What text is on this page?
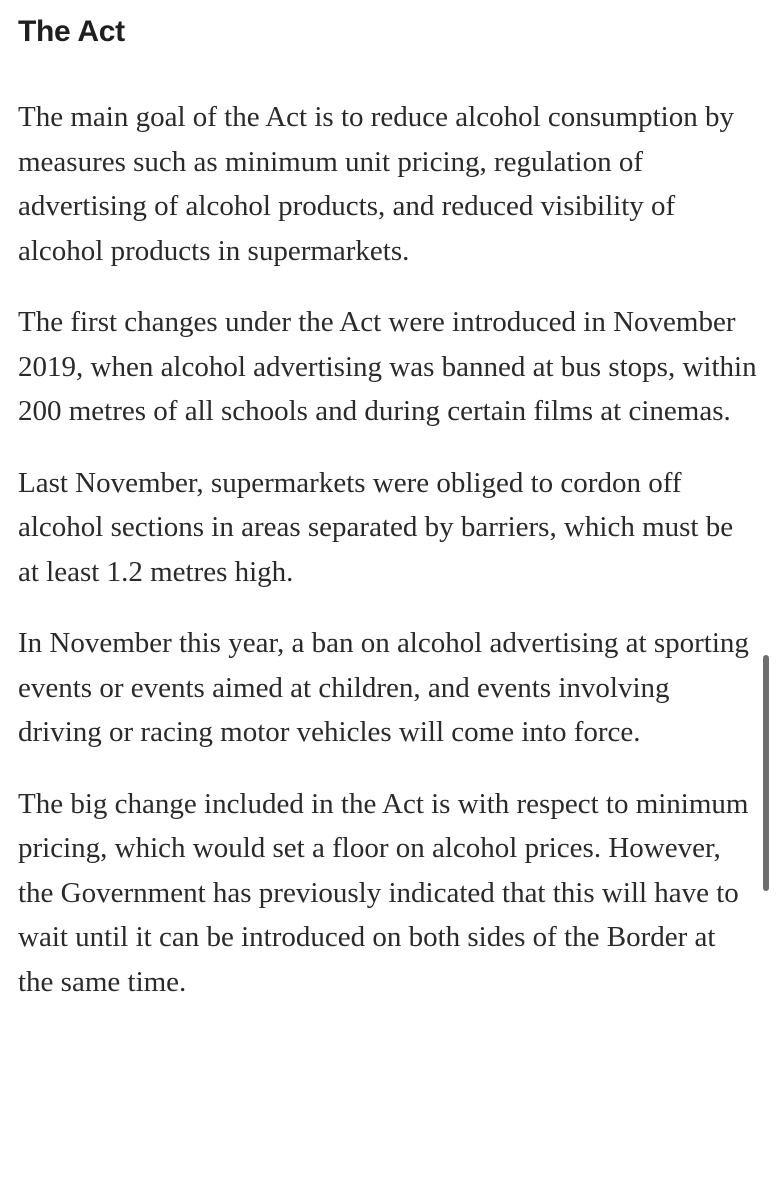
The Act

The main goal of the Act is to reduce alcohol consumption by measures such as minimum unit pricing, regulation of advertising of alcohol products, and reduced visibility of alcohol products in supermarkets.

The first changes under the Act were introduced in November 2019, when alcohol advertising was banned at bus stops, within 200 metres of all schools and during certain films at cinemas.

Last November, supermarkets were obliged to cordon off alcohol sections in areas separated by barriers, which must be at least 1.2 metres high.

In November this year, a ban on alcohol advertising at sporting events or events aimed at children, and events involving driving or racing motor vehicles will come into force.

The big change included in the Act is with respect to minimum pricing, which would set a floor on alcohol prices. However, the Government has previously indicated that this will have to wait until it can be introduced on both sides of the Border at the same time.
